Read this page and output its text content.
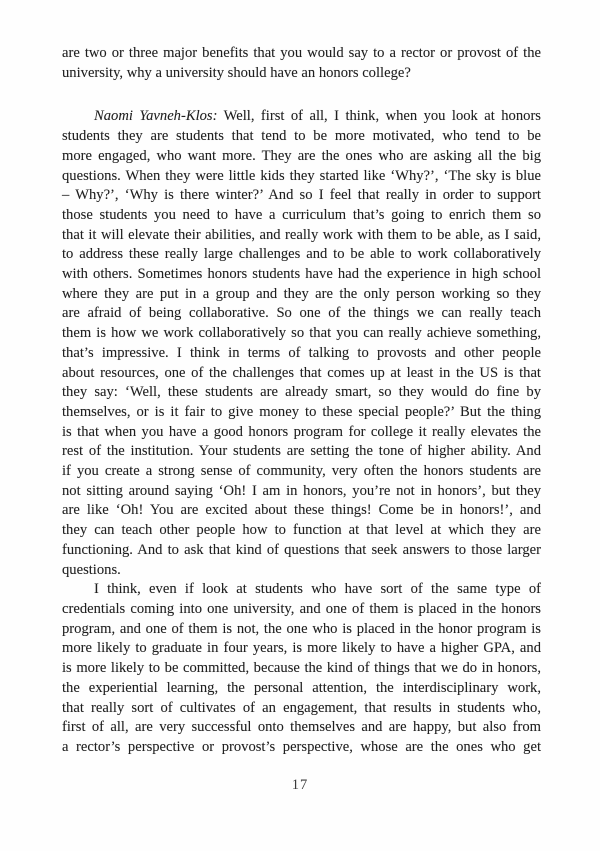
are two or three major benefits that you would say to a rector or provost of the
university, why a university should have an honors college?
Naomi Yavneh-Klos: Well, first of all, I think, when you look at honors
students they are students that tend to be more motivated, who tend to be
more engaged, who want more. They are the ones who are asking all the big
questions. When they were little kids they started like ‘Why?’, ‘The sky is blue
– Why?’, ‘Why is there winter?’ And so I feel that really in order to support
those students you need to have a curriculum that’s going to enrich them so
that it will elevate their abilities, and really work with them to be able, as I said,
to address these really large challenges and to be able to work collaboratively
with others. Sometimes honors students have had the experience in high school
where they are put in a group and they are the only person working so they
are afraid of being collaborative. So one of the things we can really teach
them is how we work collaboratively so that you can really achieve something,
that’s impressive. I think in terms of talking to provosts and other people
about resources, one of the challenges that comes up at least in the US is that
they say: ‘Well, these students are already smart, so they would do fine by
themselves, or is it fair to give money to these special people?’ But the thing
is that when you have a good honors program for college it really elevates the
rest of the institution. Your students are setting the tone of higher ability. And
if you create a strong sense of community, very often the honors students are
not sitting around saying ‘Oh! I am in honors, you’re not in honors’, but they
are like ‘Oh! You are excited about these things! Come be in honors!’, and
they can teach other people how to function at that level at which they are
functioning. And to ask that kind of questions that seek answers to those larger
questions.
I think, even if look at students who have sort of the same type of
credentials coming into one university, and one of them is placed in the honors
program, and one of them is not, the one who is placed in the honor program is
more likely to graduate in four years, is more likely to have a higher GPA, and
is more likely to be committed, because the kind of things that we do in honors,
the experiential learning, the personal attention, the interdisciplinary work,
that really sort of cultivates of an engagement, that results in students who,
first of all, are very successful onto themselves and are happy, but also from
a rector’s perspective or provost’s perspective, whose are the ones who get
17
